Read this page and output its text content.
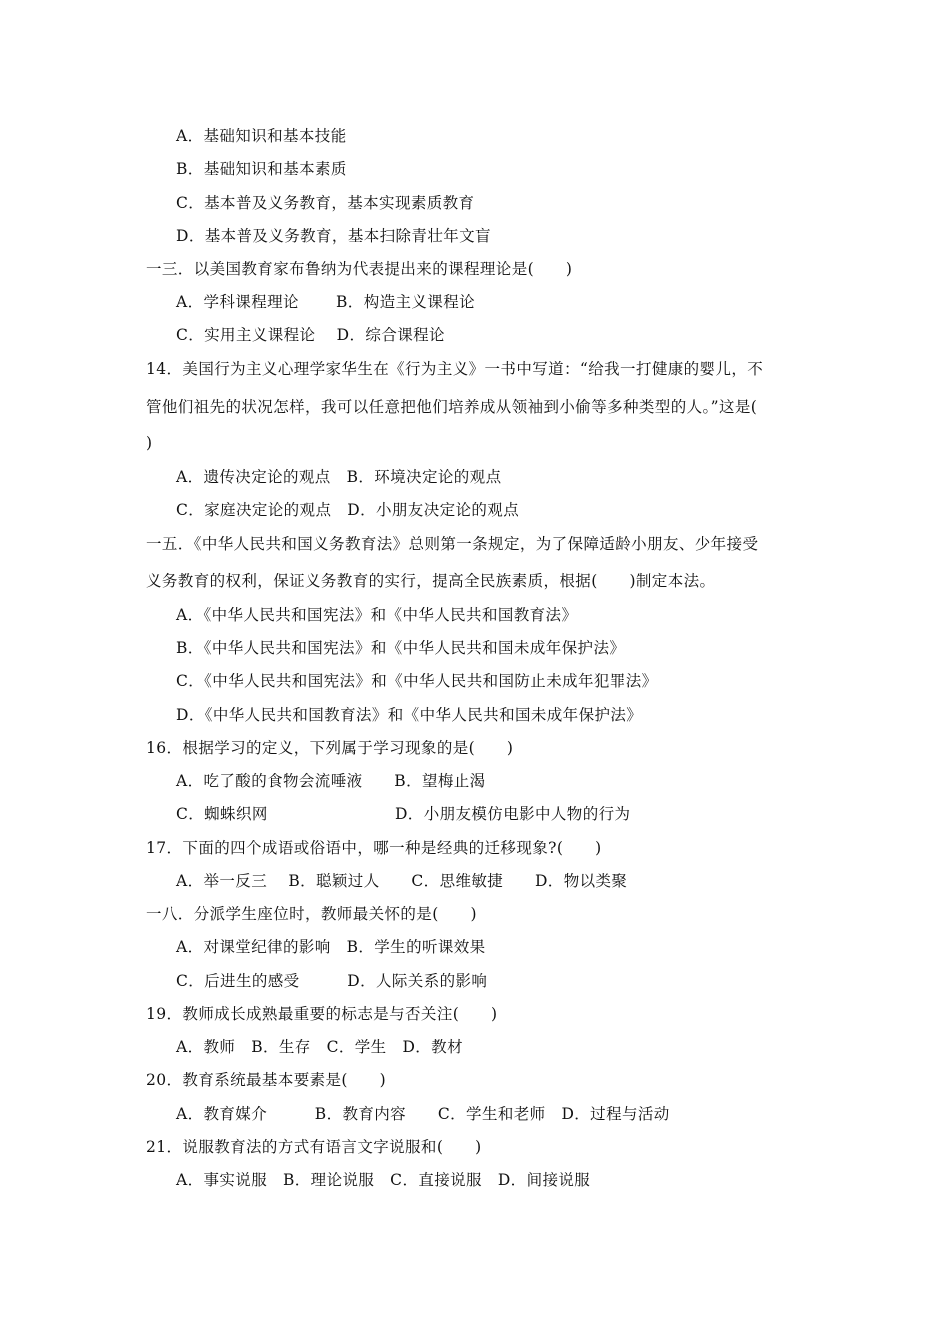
A．基础知识和基本技能
B．基础知识和基本素质
C．基本普及义务教育，基本实现素质教育
D．基本普及义务教育，基本扫除青壮年文盲
一三．以美国教育家布鲁纳为代表提出来的课程理论是(　　)
A．学科课程理论　　 B．构造主义课程论
C．实用主义课程论　 D．综合课程论
14．美国行为主义心理学家华生在《行为主义》一书中写道：“给我一打健康的婴儿，不
管他们祖先的状况怎样，我可以任意把他们培养成从领袖到小偷等多种类型的人。”这是(
)
A．遗传决定论的观点　B．环境决定论的观点
C．家庭决定论的观点　D．小朋友决定论的观点
一五．《中华人民共和国义务教育法》总则第一条规定，为了保障适龄小朋友、少年接受
义务教育的权利，保证义务教育的实行，提高全民族素质，根据(　　)制定本法。
A．《中华人民共和国宪法》和《中华人民共和国教育法》
B．《中华人民共和国宪法》和《中华人民共和国未成年保护法》
C．《中华人民共和国宪法》和《中华人民共和国防止未成年犯罪法》
D．《中华人民共和国教育法》和《中华人民共和国未成年保护法》
16．根据学习的定义，下列属于学习现象的是(　　)
A．吃了酸的食物会流唾液　　B．望梅止渴
C．蜘蛛织网　　　　　　　　D．小朋友模仿电影中人物的行为
17．下面的四个成语或俗语中，哪一种是经典的迁移现象?(　　)
A．举一反三　 B．聪颖过人　　C．思维敏捷　　D．物以类聚
一八．分派学生座位时，教师最关怀的是(　　)
A．对课堂纪律的影响　B．学生的听课效果
C．后进生的感受　　　D．人际关系的影响
19．教师成长成熟最重要的标志是与否关注(　　)
A．教师　B．生存　C．学生　D．教材
20．教育系统最基本要素是(　　)
A．教育媒介　　　B．教育内容　　C．学生和老师　D．过程与活动
21．说服教育法的方式有语言文字说服和(　　)
A．事实说服　B．理论说服　C．直接说服　D．间接说服
